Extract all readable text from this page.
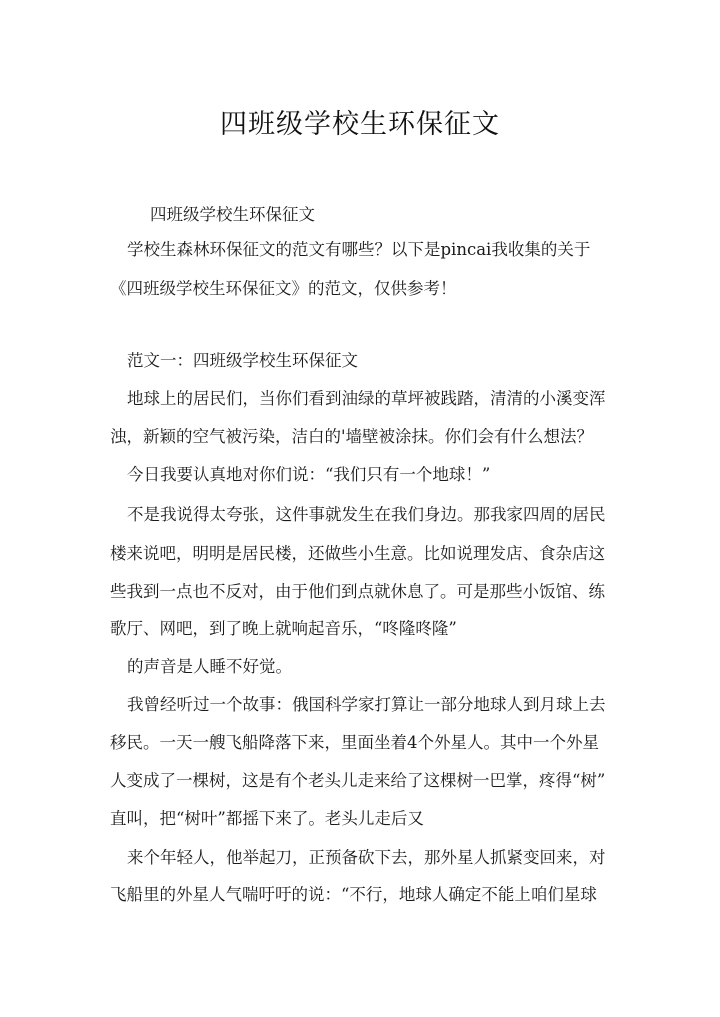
四班级学校生环保征文
四班级学校生环保征文
学校生森林环保征文的范文有哪些？以下是pincai我收集的关于
《四班级学校生环保征文》的范文，仅供参考！
范文一：四班级学校生环保征文
地球上的居民们，当你们看到油绿的草坪被践踏，清清的小溪变浑
浊，新颖的空气被污染，洁白的'墙壁被涂抹。你们会有什么想法？
今日我要认真地对你们说：“我们只有一个地球！”
不是我说得太夸张，这件事就发生在我们身边。那我家四周的居民
楼来说吧，明明是居民楼，还做些小生意。比如说理发店、食杂店这
些我到一点也不反对，由于他们到点就休息了。可是那些小饭馆、练
歌厅、网吧，到了晚上就响起音乐，“咚隆咚隆”
的声音是人睡不好觉。
我曾经听过一个故事：俄国科学家打算让一部分地球人到月球上去
移民。一天一艘飞船降落下来，里面坐着4个外星人。其中一个外星
人变成了一棵树，这是有个老头儿走来给了这棵树一巴掌，疼得“树”
直叫，把“树叶”都摇下来了。老头儿走后又
来个年轻人，他举起刀，正预备砍下去，那外星人抓紧变回来，对
飞船里的外星人气喘吁吁的说：“不行，地球人确定不能上咱们星球
